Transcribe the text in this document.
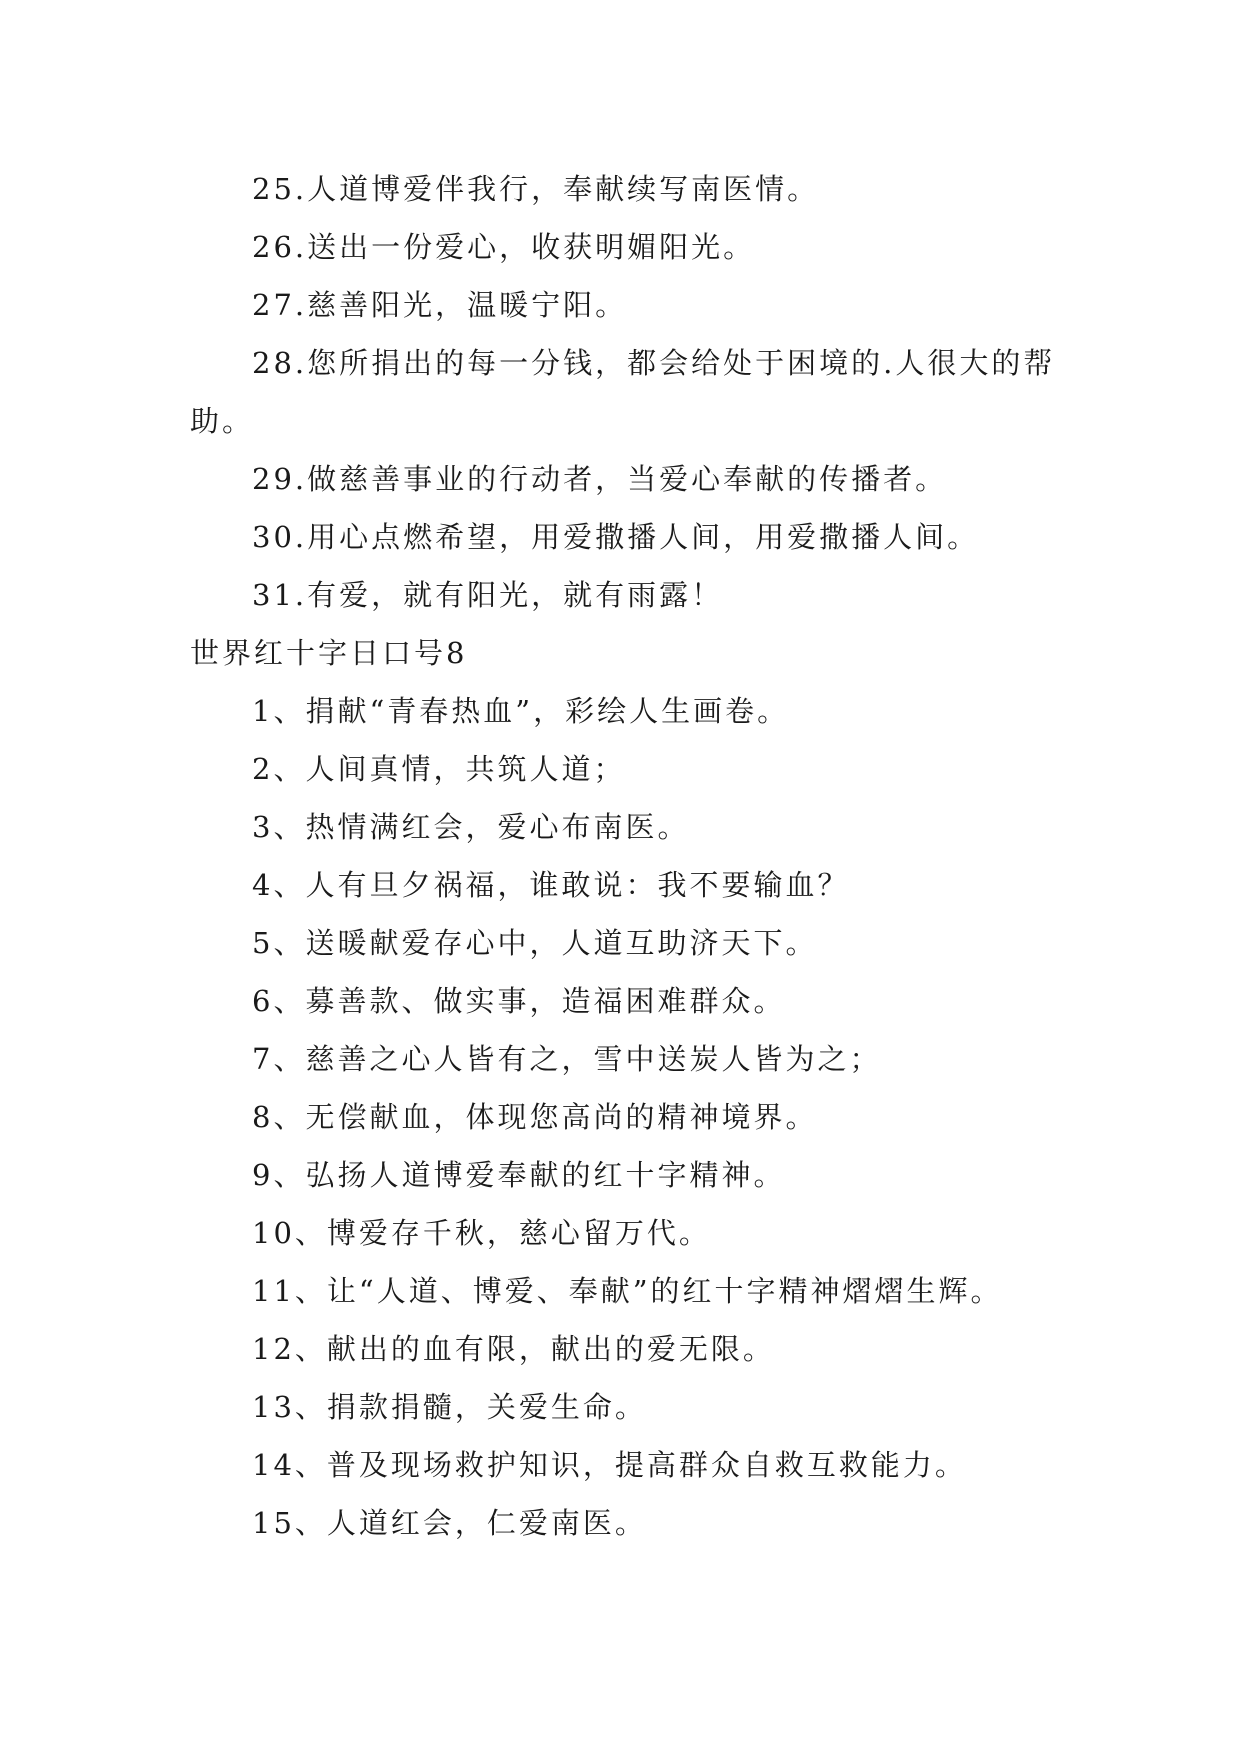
25.人道博爱伴我行，奉献续写南医情。

26.送出一份爱心，收获明媚阳光。

27.慈善阳光，温暖宁阳。

28.您所捐出的每一分钱，都会给处于困境的.人很大的帮助。

29.做慈善事业的行动者，当爱心奉献的传播者。

30.用心点燃希望，用爱撒播人间，用爱撒播人间。

31.有爱，就有阳光，就有雨露！

世界红十字日口号8

1、捐献“青春热血”，彩绘人生画卷。

2、人间真情，共筑人道；

3、热情满红会，爱心布南医。

4、人有旦夕祸福，谁敢说：我不要输血？

5、送暖献爱存心中，人道互助济天下。

6、募善款、做实事，造福困难群众。

7、慈善之心人皆有之，雪中送炭人皆为之；

8、无偿献血，体现您高尚的精神境界。

9、弘扬人道博爱奉献的红十字精神。

10、博爱存千秋，慈心留万代。

11、让“人道、博爱、奉献”的红十字精神熠熠生辉。

12、献出的血有限，献出的爱无限。

13、捐款捐髓，关爱生命。

14、普及现场救护知识，提高群众自救互救能力。

15、人道红会，仁爱南医。
